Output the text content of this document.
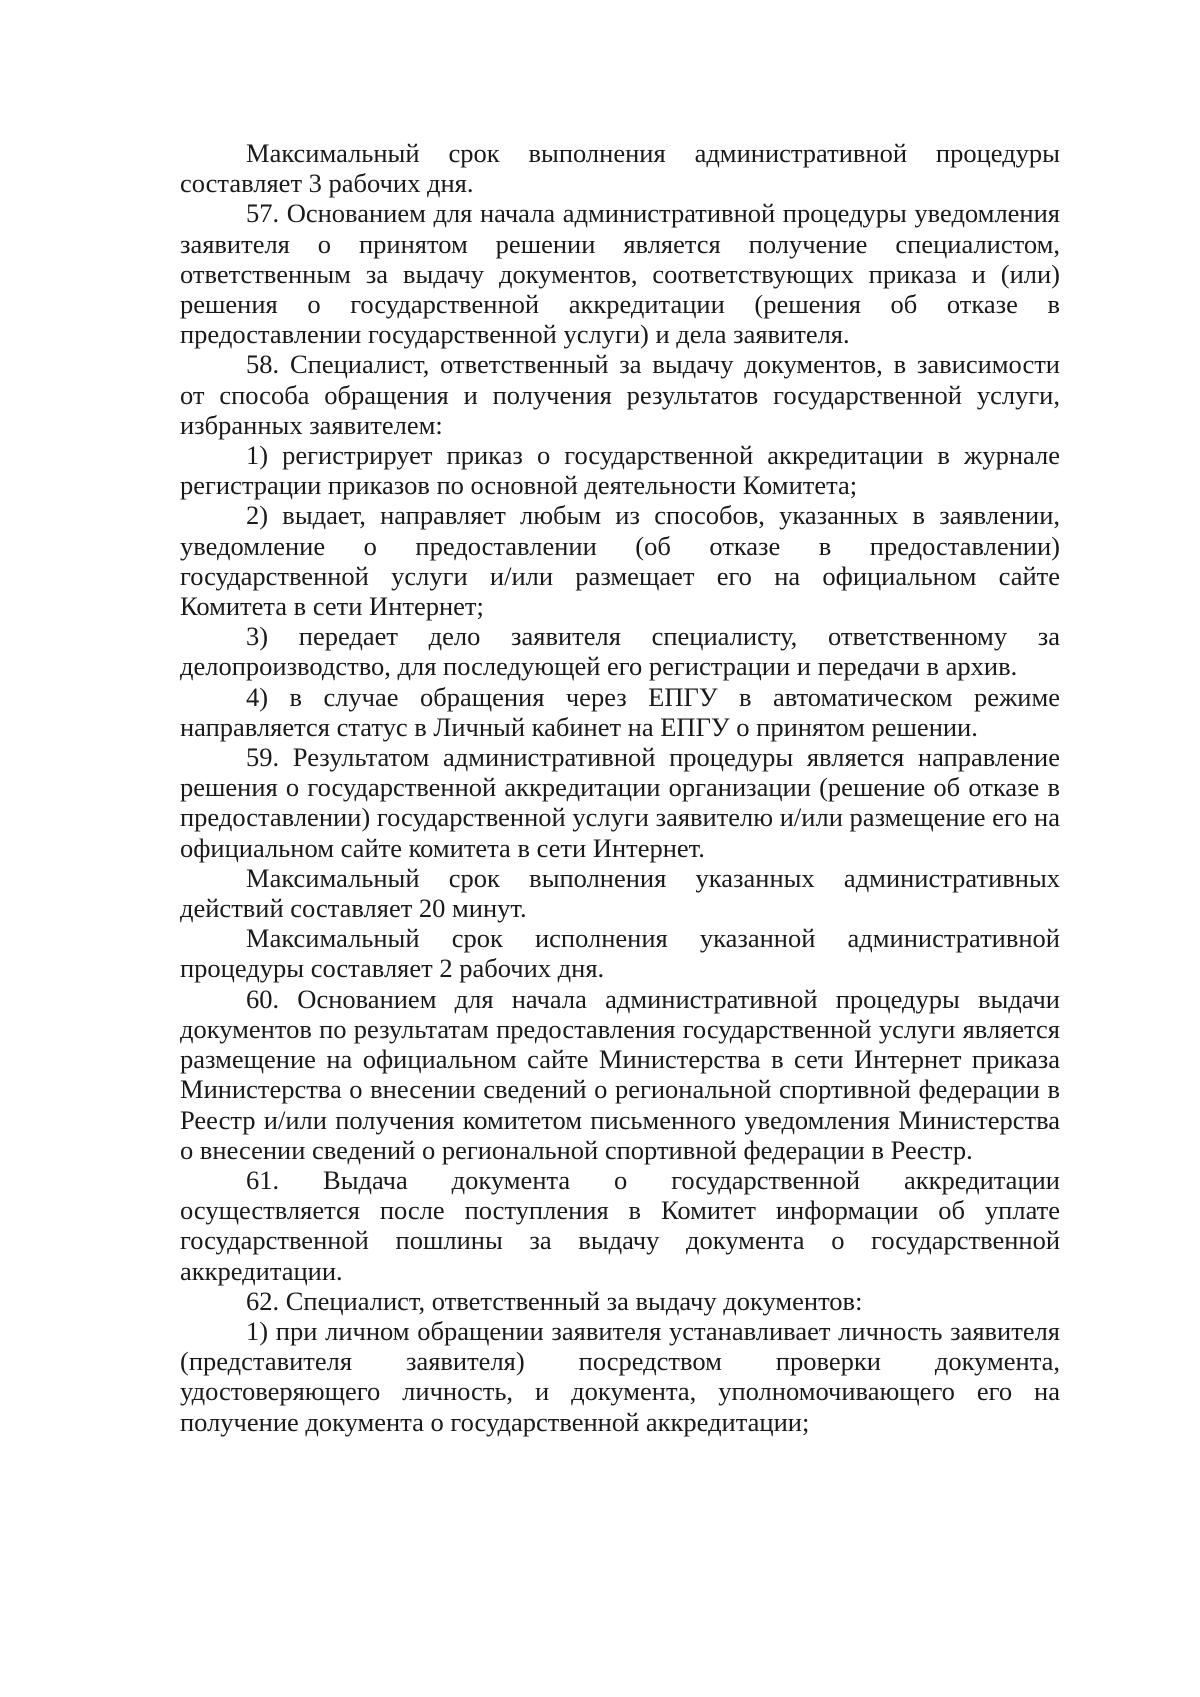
Максимальный срок выполнения административной процедуры составляет 3 рабочих дня.

57. Основанием для начала административной процедуры уведомления заявителя о принятом решении является получение специалистом, ответственным за выдачу документов, соответствующих приказа и (или) решения о государственной аккредитации (решения об отказе в предоставлении государственной услуги) и дела заявителя.

58. Специалист, ответственный за выдачу документов, в зависимости от способа обращения и получения результатов государственной услуги, избранных заявителем:

1) регистрирует приказ о государственной аккредитации в журнале регистрации приказов по основной деятельности Комитета;

2) выдает, направляет любым из способов, указанных в заявлении, уведомление о предоставлении (об отказе в предоставлении) государственной услуги и/или размещает его на официальном сайте Комитета в сети Интернет;

3) передает дело заявителя специалисту, ответственному за делопроизводство, для последующей его регистрации и передачи в архив.

4) в случае обращения через ЕПГУ в автоматическом режиме направляется статус в Личный кабинет на ЕПГУ о принятом решении.

59. Результатом административной процедуры является направление решения о государственной аккредитации организации (решение об отказе в предоставлении) государственной услуги заявителю и/или размещение его на официальном сайте комитета в сети Интернет.

Максимальный срок выполнения указанных административных действий составляет 20 минут.

Максимальный срок исполнения указанной административной процедуры составляет 2 рабочих дня.

60. Основанием для начала административной процедуры выдачи документов по результатам предоставления государственной услуги является размещение на официальном сайте Министерства в сети Интернет приказа Министерства о внесении сведений о региональной спортивной федерации в Реестр и/или получения комитетом письменного уведомления Министерства о внесении сведений о региональной спортивной федерации в Реестр.

61. Выдача документа о государственной аккредитации осуществляется после поступления в Комитет информации об уплате государственной пошлины за выдачу документа о государственной аккредитации.

62. Специалист, ответственный за выдачу документов:

1) при личном обращении заявителя устанавливает личность заявителя (представителя заявителя) посредством проверки документа, удостоверяющего личность, и документа, уполномочивающего его на получение документа о государственной аккредитации;
